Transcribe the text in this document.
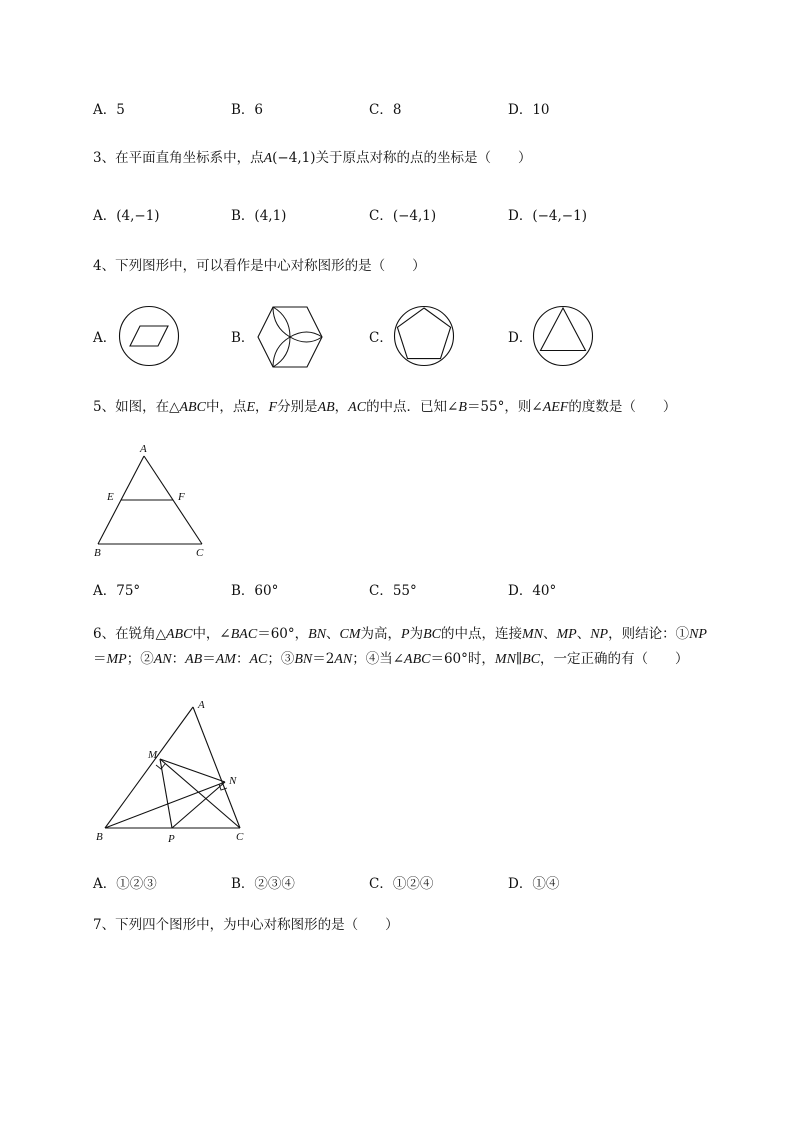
A．5	B．6	C．8	D．10
3、在平面直角坐标系中，点A(−4,1)关于原点对称的点的坐标是（　　）
A．(4,−1)	B．(4,1)	C．(−4,1)	D．(−4,−1)
4、下列图形中，可以看作是中心对称图形的是（　　）
A．	B．	C．	D．
5、如图，在△ABC中，点E，F分别是AB，AC的中点．已知∠B＝55°，则∠AEF的度数是（　　）
A
E	F
B	C
A．75°	B．60°	C．55°	D．40°
6、在锐角△ABC中，∠BAC＝60°，BN、CM为高，P为BC的中点，连接MN、MP、NP，则结论：①NP
＝MP；②AN：AB＝AM：AC；③BN＝2AN；④当∠ABC＝60°时，MN∥BC，一定正确的有（　　）
A
M
N
B	P	C
A．①②③	B．②③④	C．①②④	D．①④
7、下列四个图形中，为中心对称图形的是（　　）
